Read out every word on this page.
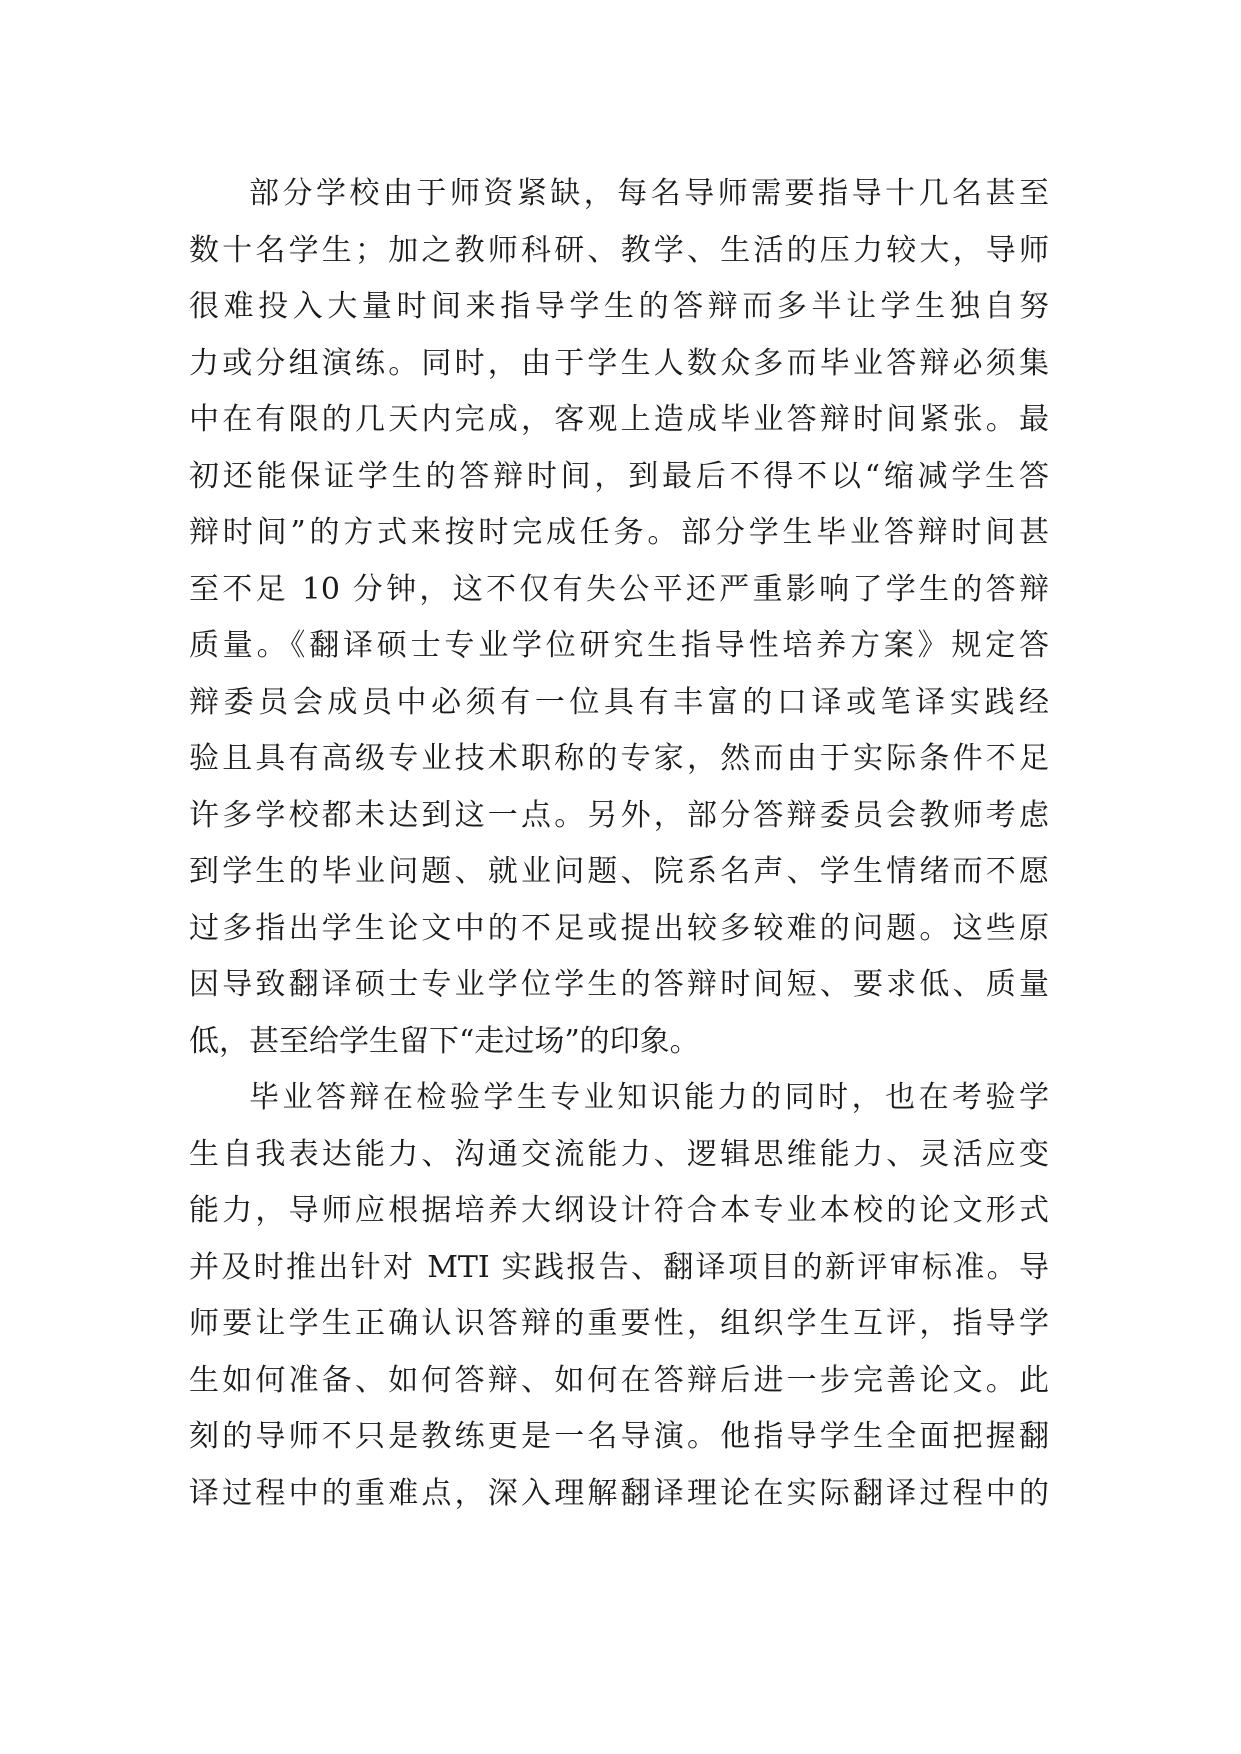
部分学校由于师资紧缺，每名导师需要指导十几名甚至
数十名学生；加之教师科研、教学、生活的压力较大，导师
很难投入大量时间来指导学生的答辩而多半让学生独自努
力或分组演练。同时，由于学生人数众多而毕业答辩必须集
中在有限的几天内完成，客观上造成毕业答辩时间紧张。最
初还能保证学生的答辩时间，到最后不得不以“缩减学生答
辩时间”的方式来按时完成任务。部分学生毕业答辩时间甚
至不足 10 分钟，这不仅有失公平还严重影响了学生的答辩
质量。《翻译硕士专业学位研究生指导性培养方案》规定答
辩委员会成员中必须有一位具有丰富的口译或笔译实践经
验且具有高级专业技术职称的专家，然而由于实际条件不足
许多学校都未达到这一点。另外，部分答辩委员会教师考虑
到学生的毕业问题、就业问题、院系名声、学生情绪而不愿
过多指出学生论文中的不足或提出较多较难的问题。这些原
因导致翻译硕士专业学位学生的答辩时间短、要求低、质量
低，甚至给学生留下“走过场”的印象。
毕业答辩在检验学生专业知识能力的同时，也在考验学
生自我表达能力、沟通交流能力、逻辑思维能力、灵活应变
能力，导师应根据培养大纲设计符合本专业本校的论文形式
并及时推出针对 MTI 实践报告、翻译项目的新评审标准。导
师要让学生正确认识答辩的重要性，组织学生互评，指导学
生如何准备、如何答辩、如何在答辩后进一步完善论文。此
刻的导师不只是教练更是一名导演。他指导学生全面把握翻
译过程中的重难点，深入理解翻译理论在实际翻译过程中的
